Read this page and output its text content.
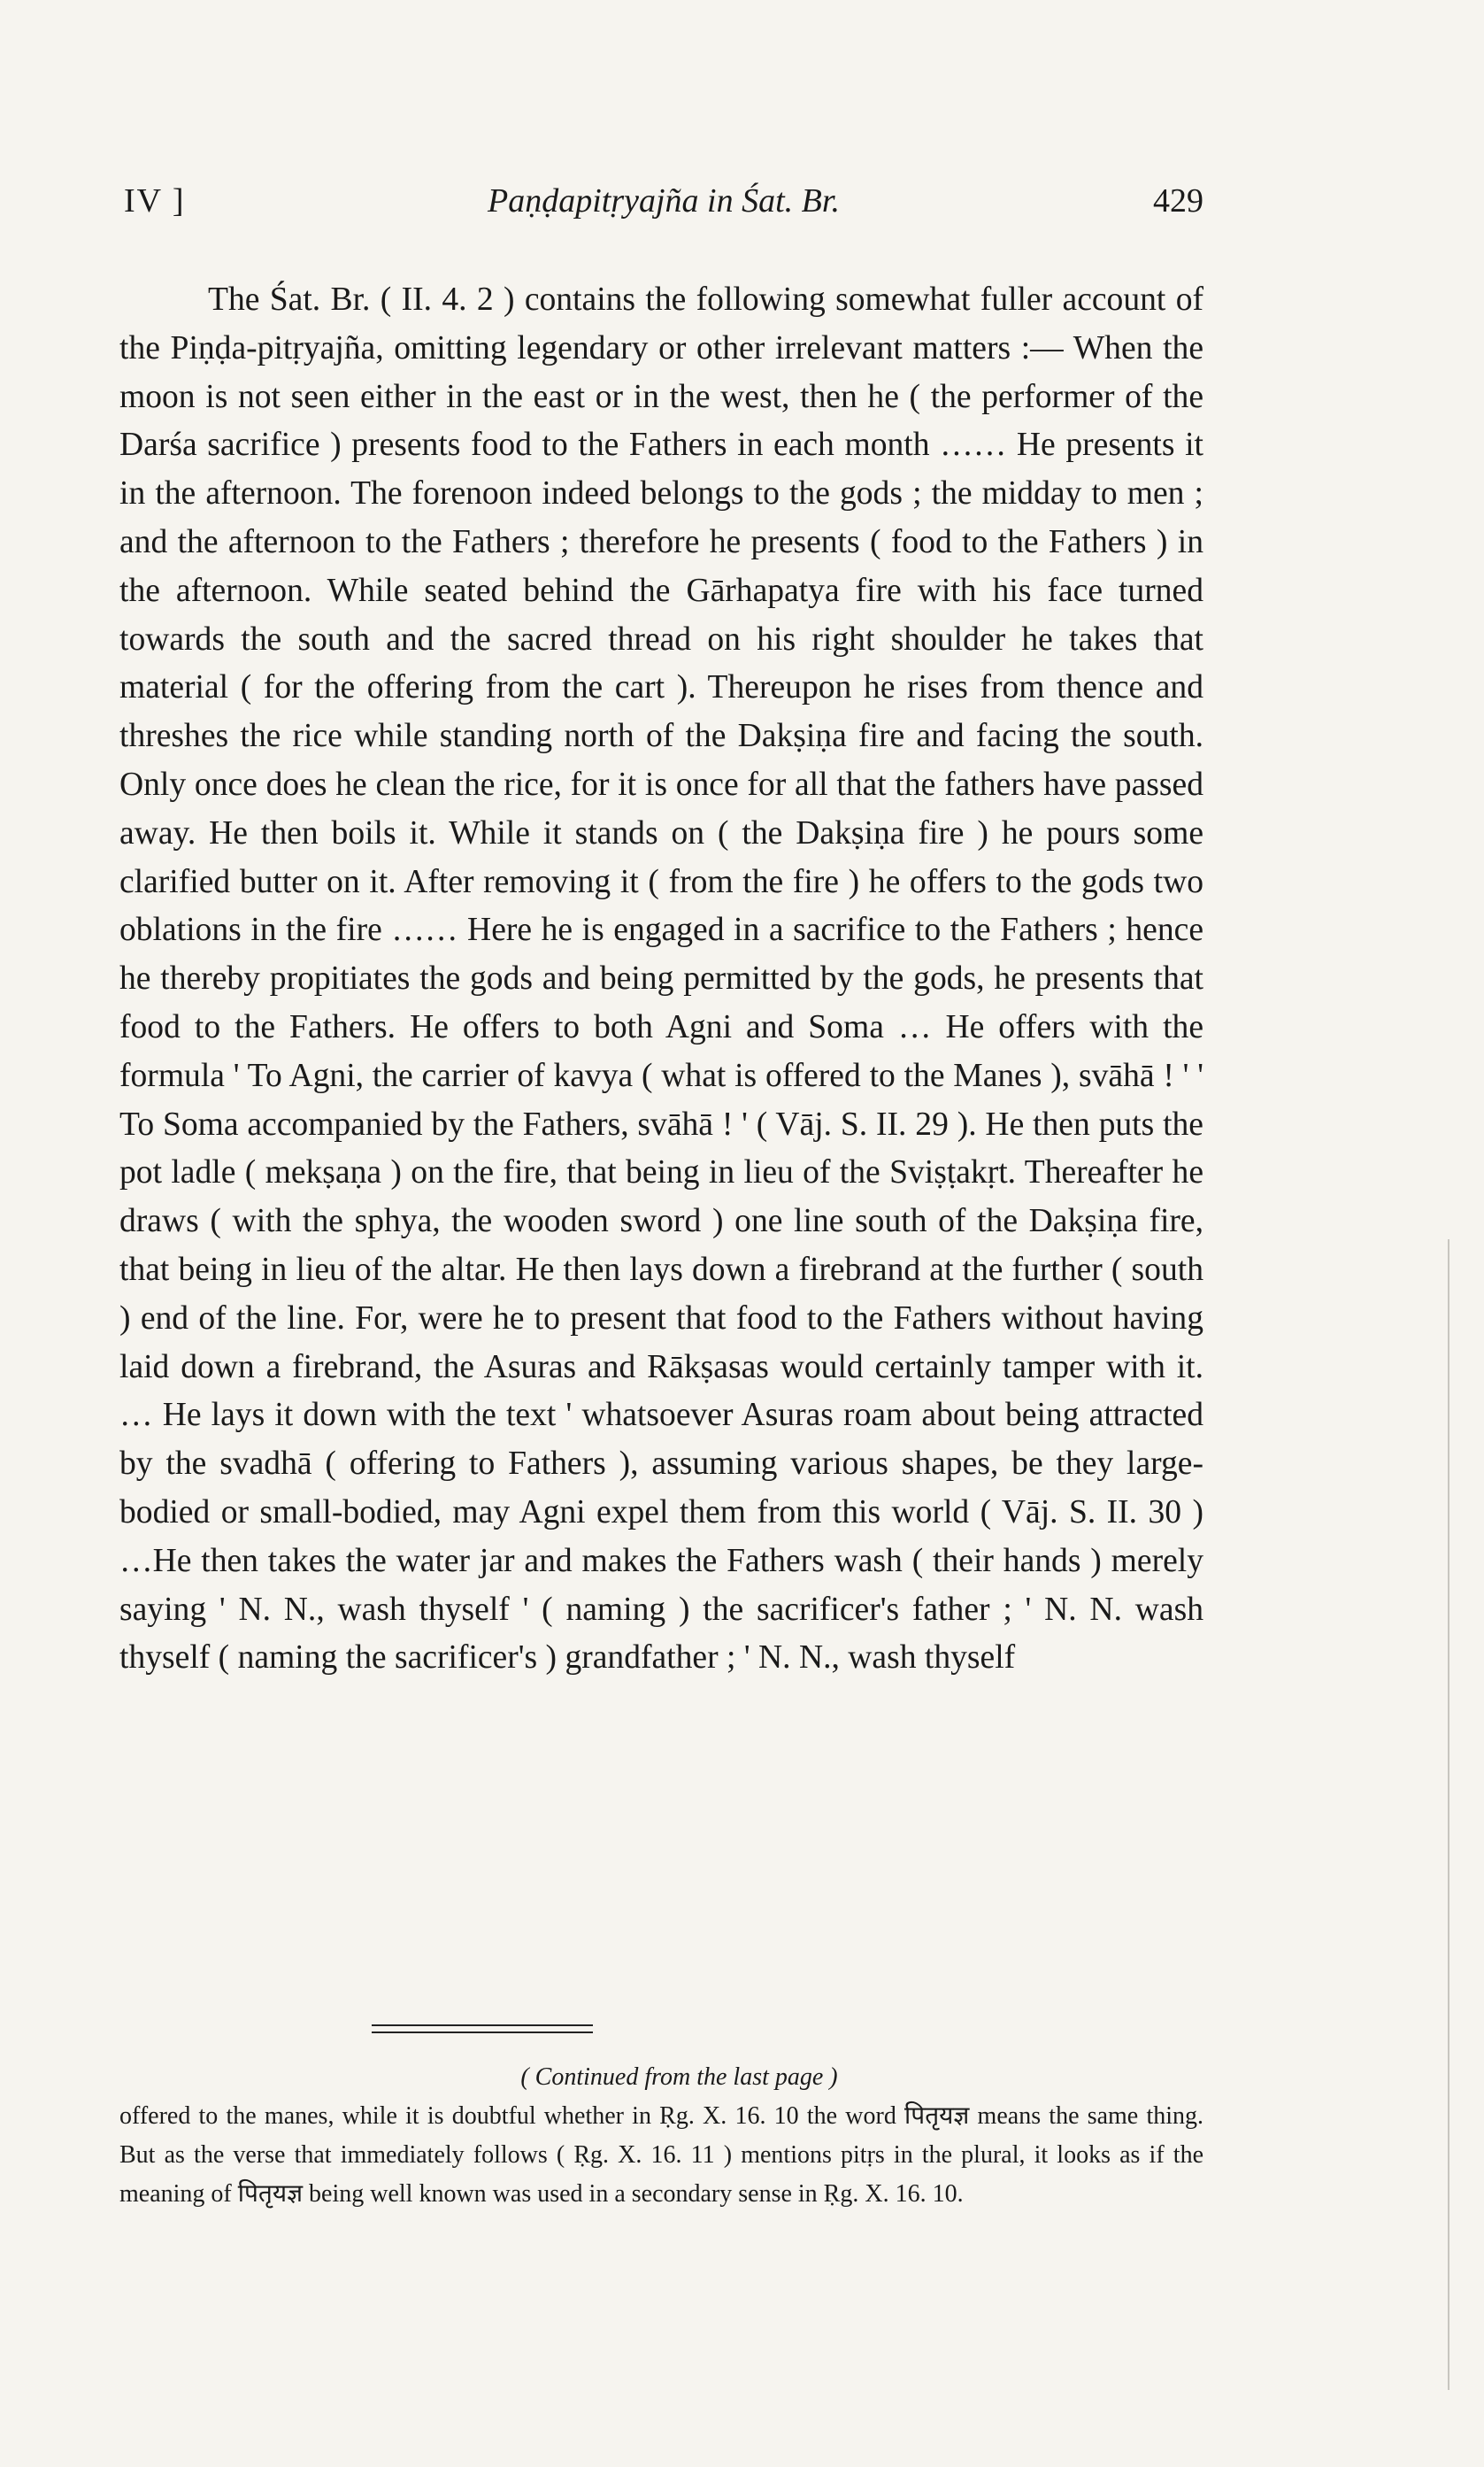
IV ]	Paṇḍapitṛyajña in Śat. Br.	429

The Śat. Br. ( II. 4. 2 ) contains the following somewhat fuller account of the Piṇḍa-pitṛyajña, omitting legendary or other irrelevant matters :— When the moon is not seen either in the east or in the west, then he ( the performer of the Darśa sacrifice ) presents food to the Fathers in each month …… He presents it in the afternoon. The forenoon indeed belongs to the gods ; the midday to men ; and the afternoon to the Fathers ; therefore he presents ( food to the Fathers ) in the afternoon. While seated behind the Gārhapatya fire with his face turned towards the south and the sacred thread on his right shoulder he takes that material ( for the offering from the cart ). Thereupon he rises from thence and threshes the rice while standing north of the Dakṣiṇa fire and facing the south. Only once does he clean the rice, for it is once for all that the fathers have passed away. He then boils it. While it stands on ( the Dakṣiṇa fire ) he pours some clarified butter on it. After removing it ( from the fire ) he offers to the gods two oblations in the fire …… Here he is engaged in a sacrifice to the Fathers ; hence he thereby propitiates the gods and being permitted by the gods, he presents that food to the Fathers. He offers to both Agni and Soma … He offers with the formula ' To Agni, the carrier of kavya ( what is offered to the Manes ), svāhā ! ' ' To Soma accompanied by the Fathers, svāhā ! ' ( Vāj. S. II. 29 ). He then puts the pot ladle ( mekṣaṇa ) on the fire, that being in lieu of the Sviṣṭakṛt. Thereafter he draws ( with the sphya, the wooden sword ) one line south of the Dakṣiṇa fire, that being in lieu of the altar. He then lays down a firebrand at the further ( south ) end of the line. For, were he to present that food to the Fathers without having laid down a firebrand, the Asuras and Rākṣasas would certainly tamper with it. … He lays it down with the text ' whatsoever Asuras roam about being attracted by the svadhā ( offering to Fathers ), assuming various shapes, be they large-bodied or small-bodied, may Agni expel them from this world ( Vāj. S. II. 30 ) …He then takes the water jar and makes the Fathers wash ( their hands ) merely saying ' N. N., wash thyself ' ( naming ) the sacrificer's father ; ' N. N. wash thyself ( naming the sacrificer's ) grandfather ; ' N. N., wash thyself

( Continued from the last page )

offered to the manes, while it is doubtful whether in Ṛg. X. 16. 10 the word पितृयज्ञ means the same thing. But as the verse that immediately follows ( Ṛg. X. 16. 11 ) mentions pitṛs in the plural, it looks as if the meaning of पितृयज्ञ being well known was used in a secondary sense in Ṛg. X. 16. 10.
